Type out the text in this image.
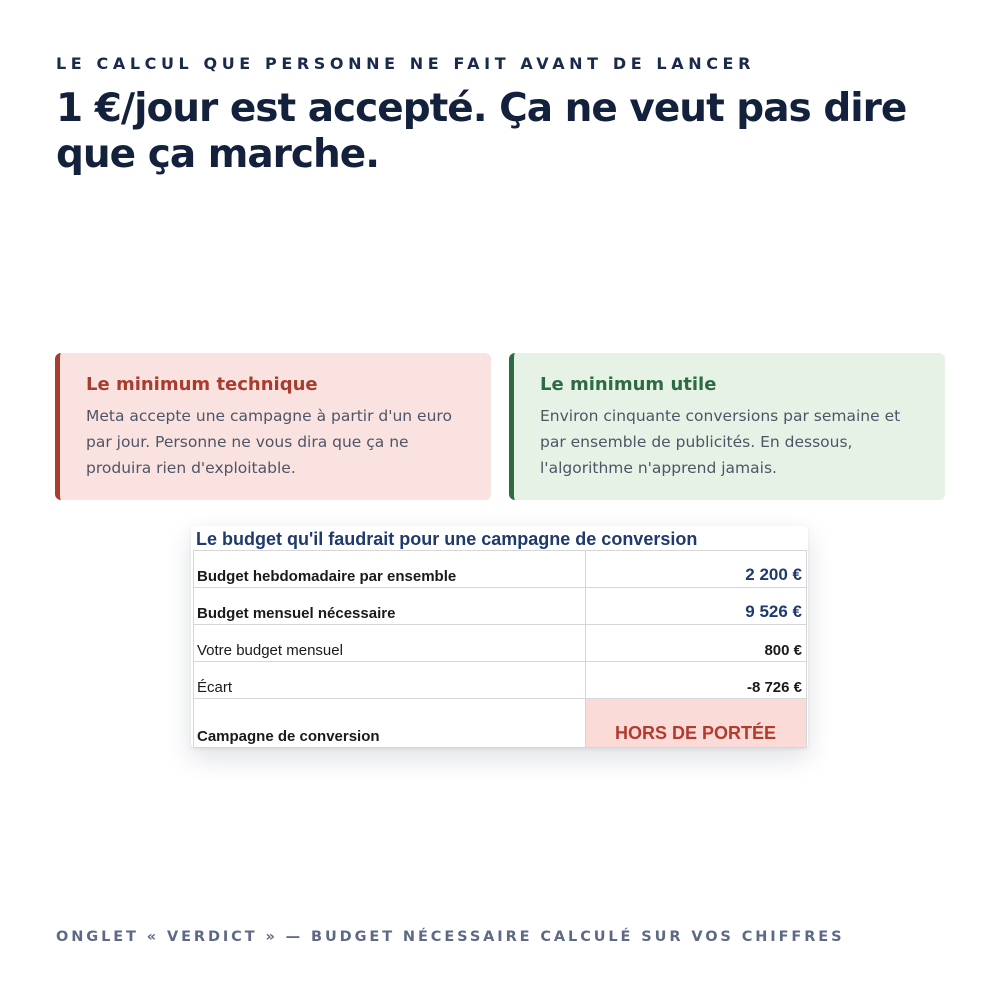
LE CALCUL QUE PERSONNE NE FAIT AVANT DE LANCER
1 €/jour est accepté. Ça ne veut pas dire que ça marche.
Le minimum technique
Meta accepte une campagne à partir d'un euro par jour. Personne ne vous dira que ça ne produira rien d'exploitable.
Le minimum utile
Environ cinquante conversions par semaine et par ensemble de publicités. En dessous, l'algorithme n'apprend jamais.
Le budget qu'il faudrait pour une campagne de conversion
Budget hebdomadaire par ensemble	2 200 €
Budget mensuel nécessaire	9 526 €
Votre budget mensuel	800 €
Écart	-8 726 €
Campagne de conversion	HORS DE PORTÉE
ONGLET « VERDICT » — BUDGET NÉCESSAIRE CALCULÉ SUR VOS CHIFFRES
